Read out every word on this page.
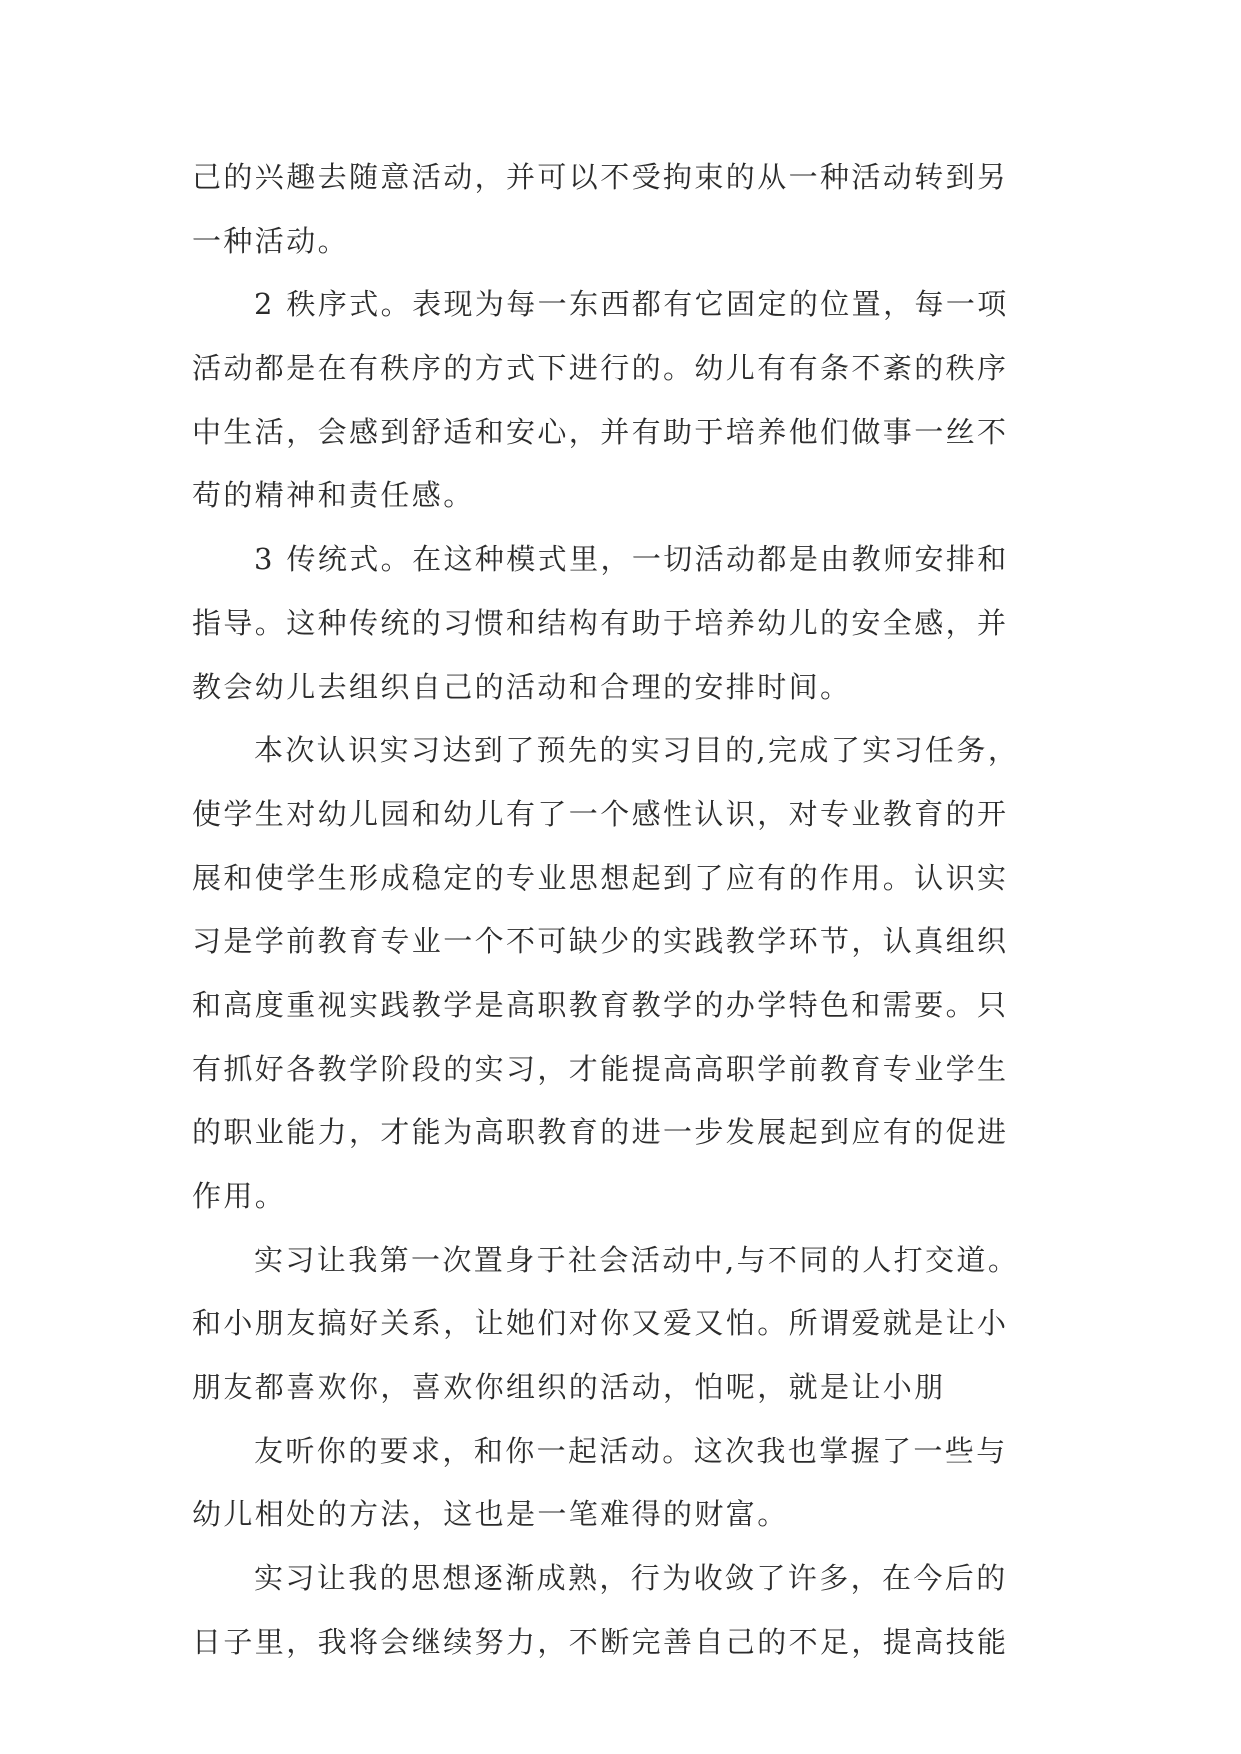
己的兴趣去随意活动，并可以不受拘束的从一种活动转到另
一种活动。
2 秩序式。表现为每一东西都有它固定的位置，每一项
活动都是在有秩序的方式下进行的。幼儿有有条不紊的秩序
中生活，会感到舒适和安心，并有助于培养他们做事一丝不
苟的精神和责任感。
3 传统式。在这种模式里，一切活动都是由教师安排和
指导。这种传统的习惯和结构有助于培养幼儿的安全感，并
教会幼儿去组织自己的活动和合理的安排时间。
本次认识实习达到了预先的实习目的,完成了实习任务，
使学生对幼儿园和幼儿有了一个感性认识，对专业教育的开
展和使学生形成稳定的专业思想起到了应有的作用。认识实
习是学前教育专业一个不可缺少的实践教学环节，认真组织
和高度重视实践教学是高职教育教学的办学特色和需要。只
有抓好各教学阶段的实习，才能提高高职学前教育专业学生
的职业能力，才能为高职教育的进一步发展起到应有的促进
作用。
实习让我第一次置身于社会活动中,与不同的人打交道。
和小朋友搞好关系，让她们对你又爱又怕。所谓爱就是让小
朋友都喜欢你，喜欢你组织的活动，怕呢，就是让小朋
友听你的要求，和你一起活动。这次我也掌握了一些与
幼儿相处的方法，这也是一笔难得的财富。
实习让我的思想逐渐成熟，行为收敛了许多，在今后的
日子里，我将会继续努力，不断完善自己的不足，提高技能
